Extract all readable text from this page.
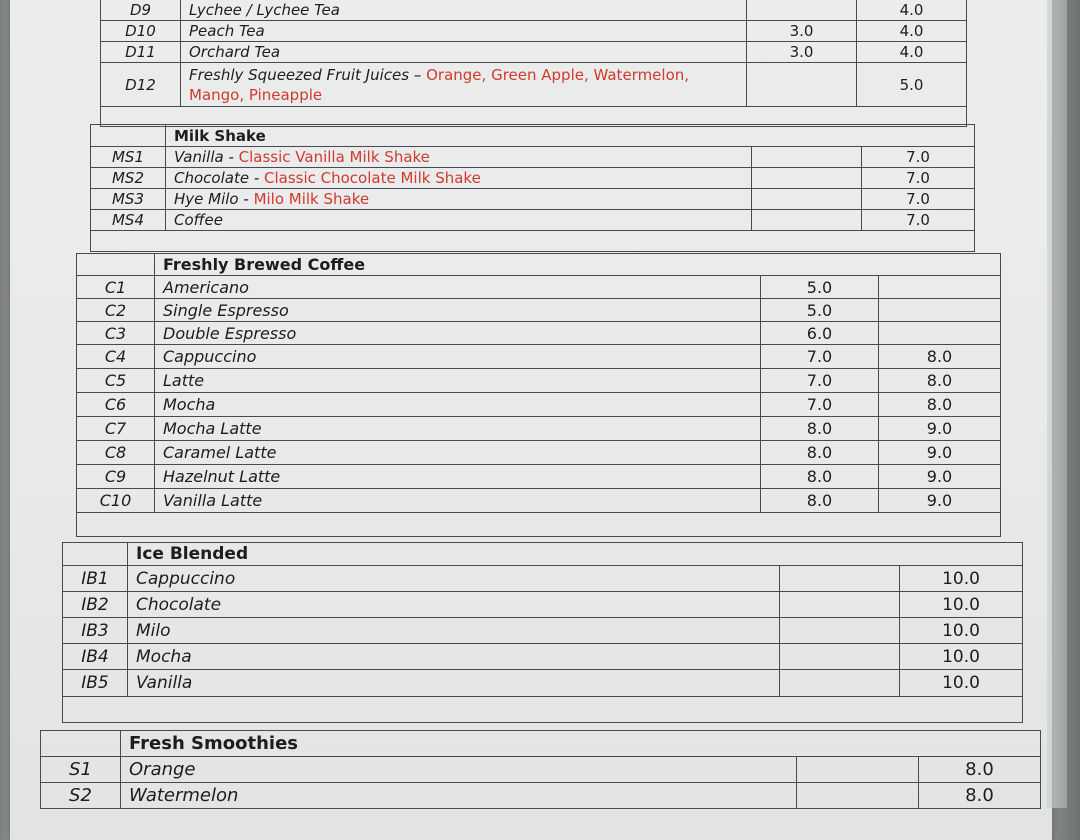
D9	Lychee / Lychee Tea		4.0
D10	Peach Tea	3.0	4.0
D11	Orchard Tea	3.0	4.0
D12	Freshly Squeezed Fruit Juices – Orange, Green Apple, Watermelon, Mango, Pineapple		5.0

	Milk Shake		
MS1	Vanilla - Classic Vanilla Milk Shake		7.0
MS2	Chocolate - Classic Chocolate Milk Shake		7.0
MS3	Hye Milo - Milo Milk Shake		7.0
MS4	Coffee		7.0

	Freshly Brewed Coffee		
C1	Americano	5.0	
C2	Single Espresso	5.0	
C3	Double Espresso	6.0	
C4	Cappuccino	7.0	8.0
C5	Latte	7.0	8.0
C6	Mocha	7.0	8.0
C7	Mocha Latte	8.0	9.0
C8	Caramel Latte	8.0	9.0
C9	Hazelnut Latte	8.0	9.0
C10	Vanilla Latte	8.0	9.0

	Ice Blended		
IB1	Cappuccino		10.0
IB2	Chocolate		10.0
IB3	Milo		10.0
IB4	Mocha		10.0
IB5	Vanilla		10.0

	Fresh Smoothies		
S1	Orange		8.0
S2	Watermelon		8.0
